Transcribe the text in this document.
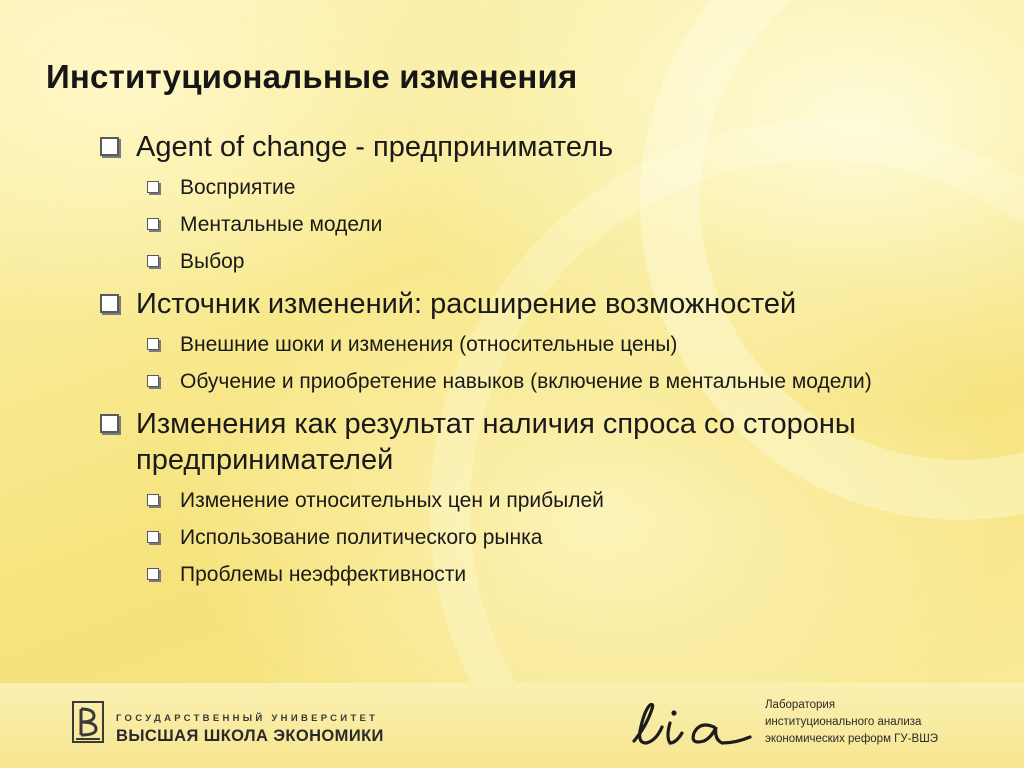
Институциональные изменения
Agent of change - предприниматель
Восприятие
Ментальные модели
Выбор
Источник изменений: расширение возможностей
Внешние шоки и изменения (относительные цены)
Обучение и приобретение навыков (включение в ментальные модели)
Изменения как результат наличия спроса со стороны предпринимателей
Изменение относительных цен и прибылей
Использование политического рынка
Проблемы неэффективности
ГОСУДАРСТВЕННЫЙ УНИВЕРСИТЕТ
ВЫСШАЯ ШКОЛА ЭКОНОМИКИ
Лаборатория
институционального анализа
экономических реформ ГУ-ВШЭ
